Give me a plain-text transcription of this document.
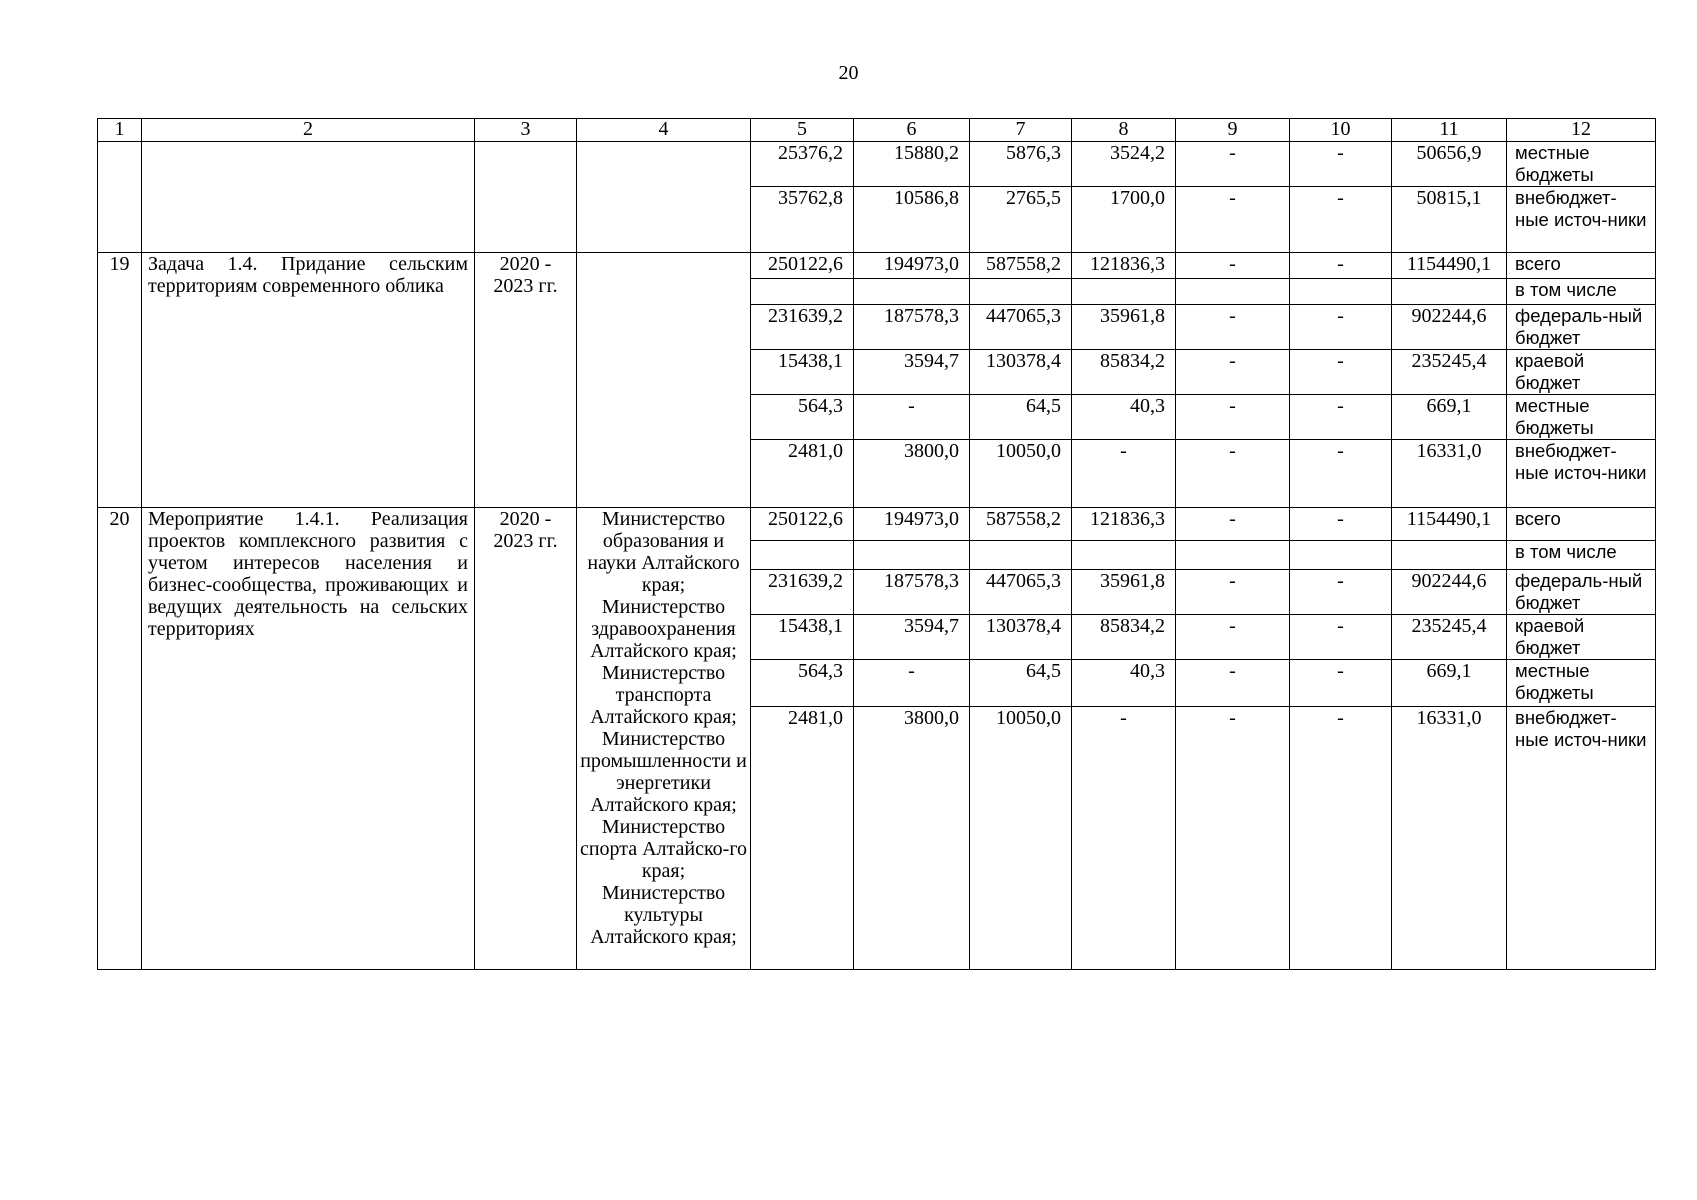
20
1	2	3	4	5	6	7	8	9	10	11	12
				25376,2	15880,2	5876,3	3524,2	-	-	50656,9	местные бюджеты
				35762,8	10586,8	2765,5	1700,0	-	-	50815,1	внебюджет-ные источ-ники
19	Задача 1.4. Придание сельским территориям современного облика	2020 - 2023 гг.		250122,6	194973,0	587558,2	121836,3	-	-	1154490,1	всего
											в том числе
				231639,2	187578,3	447065,3	35961,8	-	-	902244,6	федераль-ный бюджет
				15438,1	3594,7	130378,4	85834,2	-	-	235245,4	краевой бюджет
				564,3	-	64,5	40,3	-	-	669,1	местные бюджеты
				2481,0	3800,0	10050,0	-	-	-	16331,0	внебюджет-ные источ-ники
20	Мероприятие 1.4.1. Реализация проектов комплексного развития с учетом интересов населения и бизнес-сообщества, проживающих и ведущих деятельность на сельских территориях	2020 - 2023 гг.	Министерство образования и науки Алтайского края; Министерство здравоохранения Алтайского края; Министерство транспорта Алтайского края; Министерство промышленности и энергетики Алтайского края; Министерство спорта Алтайско-го края; Министерство культуры Алтайского края;	250122,6	194973,0	587558,2	121836,3	-	-	1154490,1	всего
											в том числе
				231639,2	187578,3	447065,3	35961,8	-	-	902244,6	федераль-ный бюджет
				15438,1	3594,7	130378,4	85834,2	-	-	235245,4	краевой бюджет
				564,3	-	64,5	40,3	-	-	669,1	местные бюджеты
				2481,0	3800,0	10050,0	-	-	-	16331,0	внебюджет-ные источ-ники
